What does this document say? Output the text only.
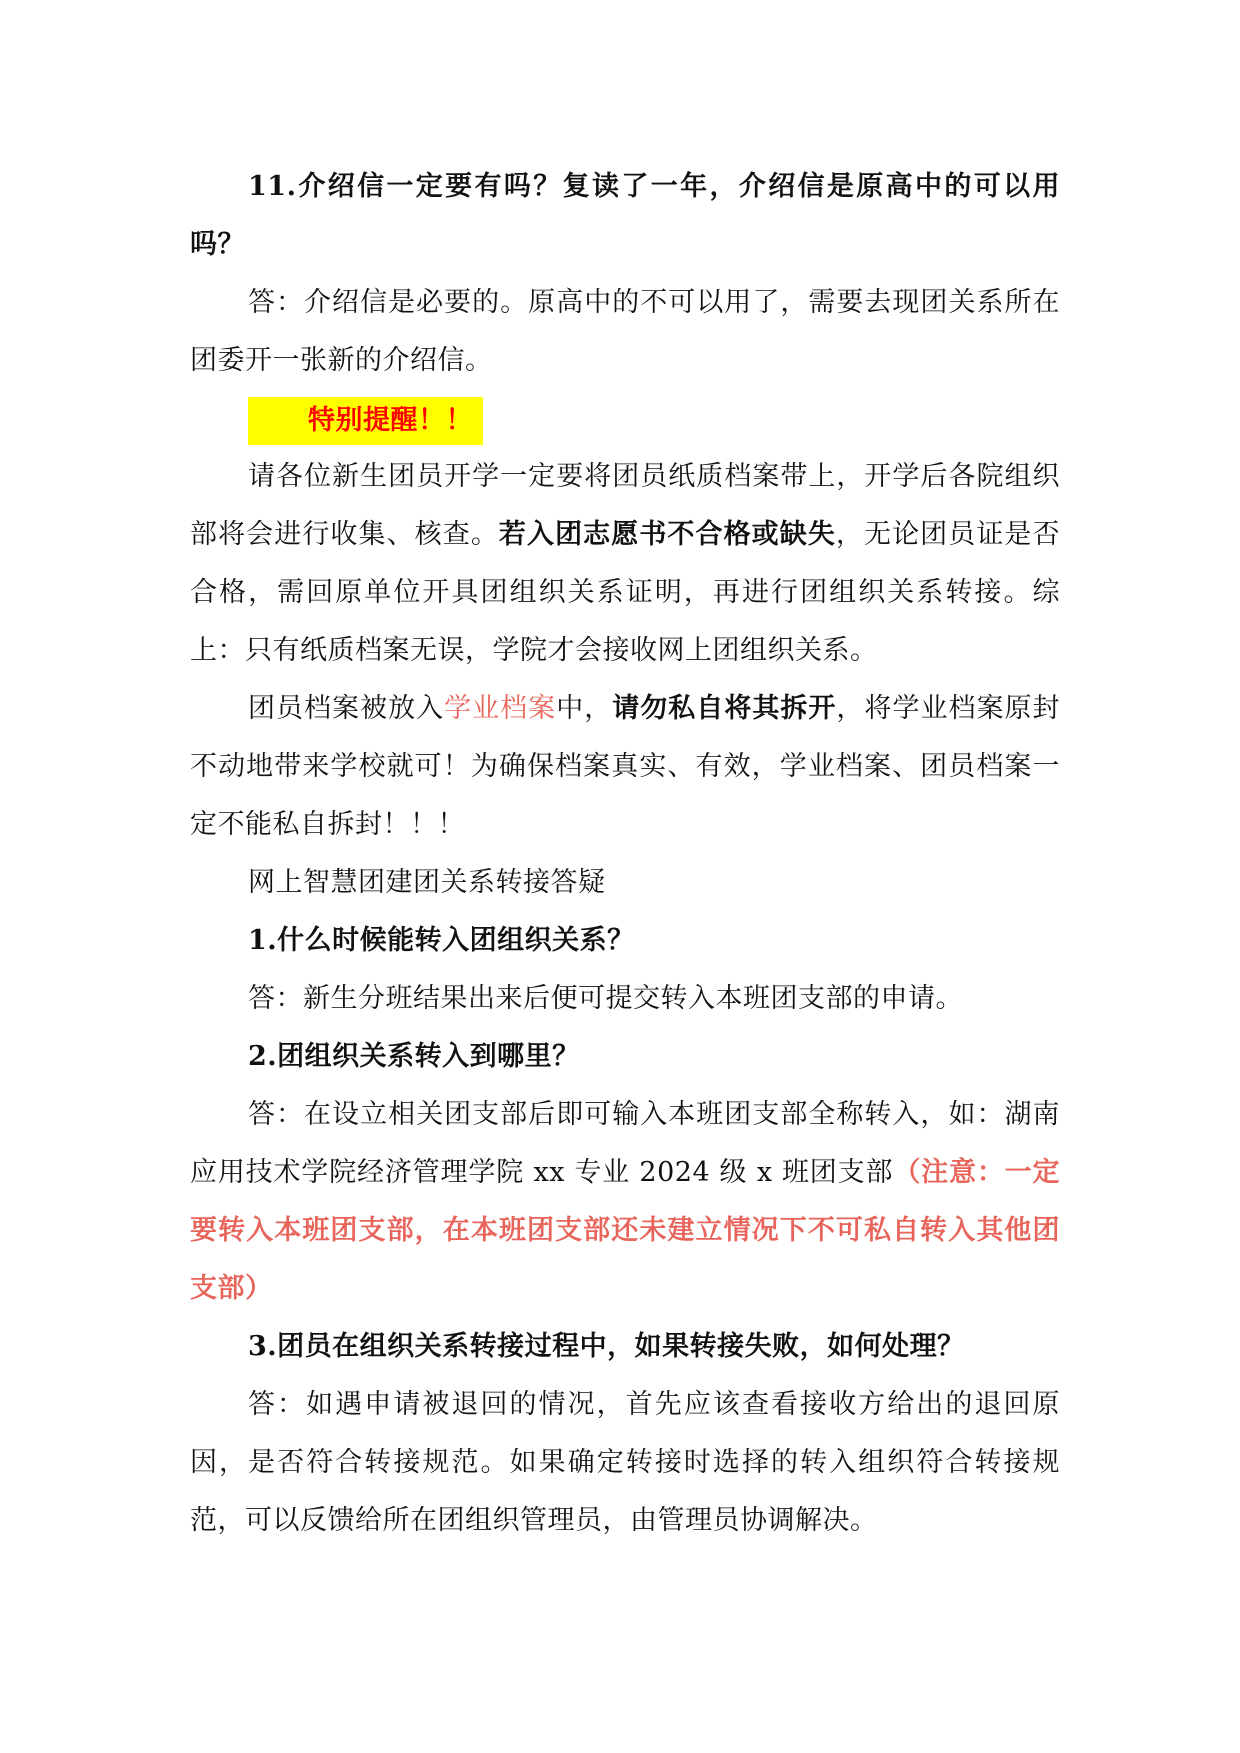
11.介绍信一定要有吗？复读了一年，介绍信是原高中的可以用吗？

答：介绍信是必要的。原高中的不可以用了，需要去现团关系所在团委开一张新的介绍信。

特别提醒！！

请各位新生团员开学一定要将团员纸质档案带上，开学后各院组织部将会进行收集、核查。若入团志愿书不合格或缺失，无论团员证是否合格，需回原单位开具团组织关系证明，再进行团组织关系转接。综上：只有纸质档案无误，学院才会接收网上团组织关系。

团员档案被放入学业档案中，请勿私自将其拆开，将学业档案原封不动地带来学校就可！为确保档案真实、有效，学业档案、团员档案一定不能私自拆封！！！

网上智慧团建团关系转接答疑

1.什么时候能转入团组织关系？

答：新生分班结果出来后便可提交转入本班团支部的申请。

2.团组织关系转入到哪里？

答：在设立相关团支部后即可输入本班团支部全称转入，如：湖南应用技术学院经济管理学院 xx 专业 2024 级 x 班团支部（注意：一定要转入本班团支部，在本班团支部还未建立情况下不可私自转入其他团支部）

3.团员在组织关系转接过程中，如果转接失败，如何处理？

答：如遇申请被退回的情况，首先应该查看接收方给出的退回原因，是否符合转接规范。如果确定转接时选择的转入组织符合转接规范，可以反馈给所在团组织管理员，由管理员协调解决。
